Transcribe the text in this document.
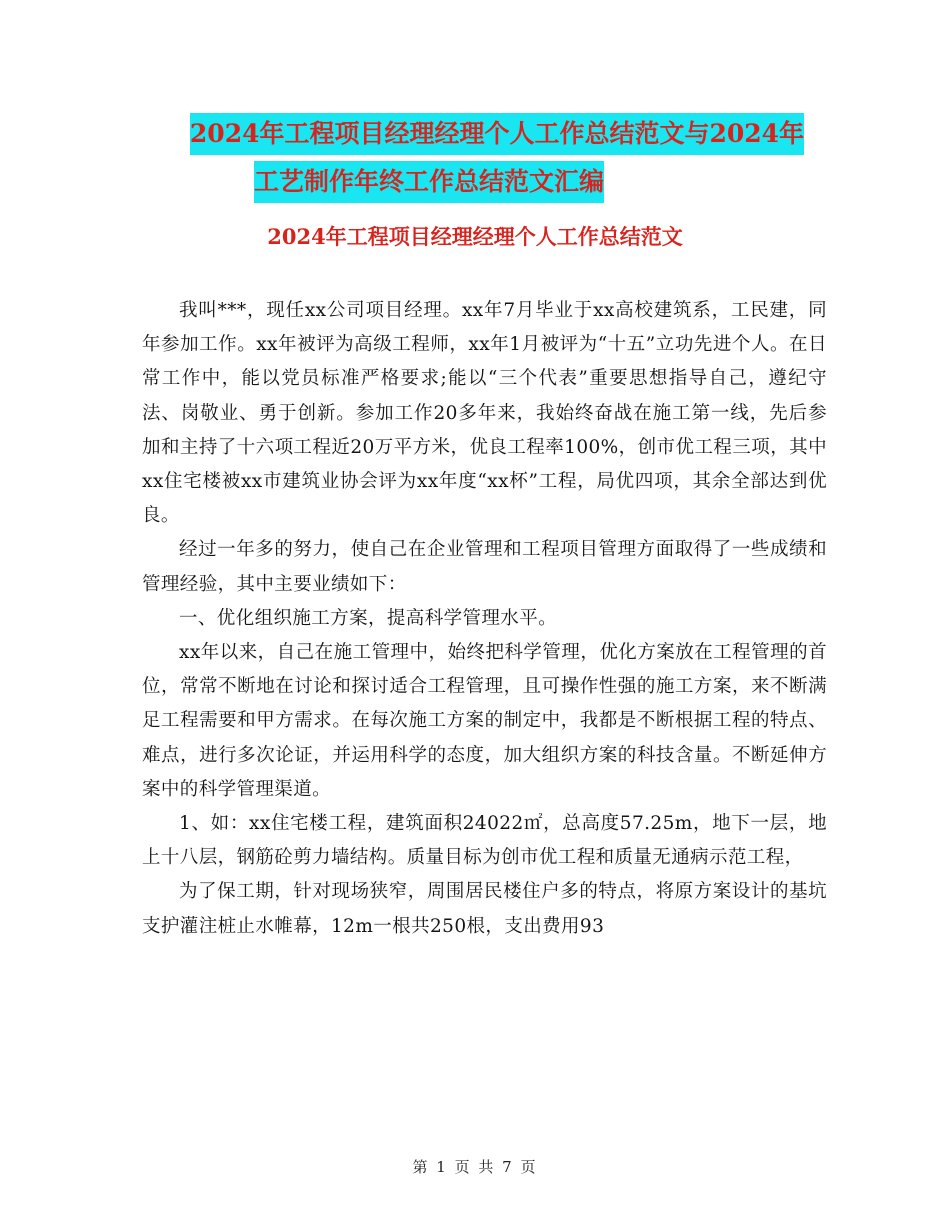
2024年工程项目经理经理个人工作总结范文与2024年
工艺制作年终工作总结范文汇编
2024年工程项目经理经理个人工作总结范文

我叫***，现任xx公司项目经理。xx年7月毕业于xx高校建筑系，工民建，同年参加工作。xx年被评为高级工程师，xx年1月被评为“十五”立功先进个人。在日常工作中，能以党员标准严格要求;能以“三个代表”重要思想指导自己，遵纪守法、岗敬业、勇于创新。参加工作20多年来，我始终奋战在施工第一线，先后参加和主持了十六项工程近20万平方米，优良工程率100%，创市优工程三项，其中xx住宅楼被xx市建筑业协会评为xx年度“xx杯”工程，局优四项，其余全部达到优良。

经过一年多的努力，使自己在企业管理和工程项目管理方面取得了一些成绩和管理经验，其中主要业绩如下：

一、优化组织施工方案，提高科学管理水平。

xx年以来，自己在施工管理中，始终把科学管理，优化方案放在工程管理的首位，常常不断地在讨论和探讨适合工程管理，且可操作性强的施工方案，来不断满足工程需要和甲方需求。在每次施工方案的制定中，我都是不断根据工程的特点、难点，进行多次论证，并运用科学的态度，加大组织方案的科技含量。不断延伸方案中的科学管理渠道。

1、如：xx住宅楼工程，建筑面积24022㎡，总高度57.25m，地下一层，地上十八层，钢筋砼剪力墙结构。质量目标为创市优工程和质量无通病示范工程，

为了保工期，针对现场狭窄，周围居民楼住户多的特点，将原方案设计的基坑支护灌注桩止水帷幕，12m一根共250根，支出费用93

第 1 页 共 7 页
